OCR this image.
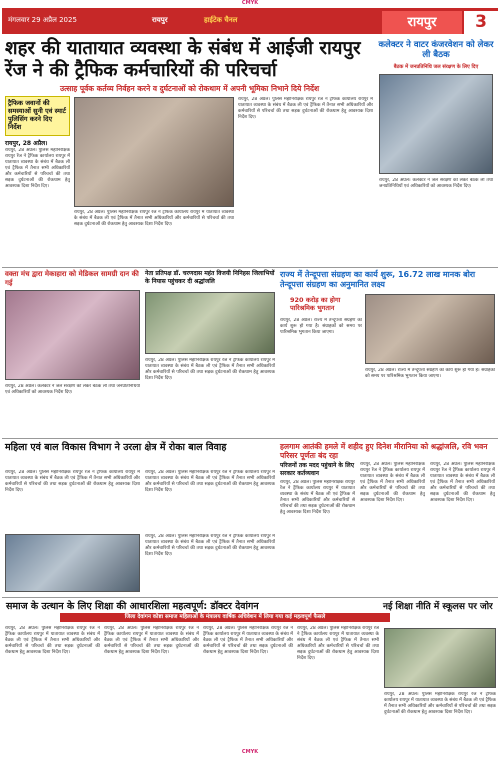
CMYK
मंगलवार 29 अप्रैल 2025	रायपुर	हाईटेक चैनल	रायपुर	3
शहर की यातायात व्यवस्था के संबंध में आईजी रायपुर रेंज ने की ट्रैफिक कर्मचारियों की परिचर्चा
उत्साह पूर्वक कर्तव्य निर्वहन करने व दुर्घटनाओं को रोकथाम में अपनी भूमिका निभाने दिये निर्देश
ट्रैफिक जवानों की समस्याओं सुनी एवं स्मार्ट पुलिसिंग करने दिए निर्देश
रायपुर, 28 अप्रैल।
रायपुर, 28 अप्रैल। पुलिस महानिरीक्षक रायपुर रेंज ने ट्रैफिक कार्यालय रायपुर में यातायात व्यवस्था के संबंध में बैठक ली एवं ट्रैफिक में तैनात सभी अधिकारियों और कर्मचारियों से परिचर्चा की तथा सड़क दुर्घटनाओं की रोकथाम हेतु आवश्यक दिशा निर्देश दिए।
रायपुर, 28 अप्रैल। पुलिस महानिरीक्षक रायपुर रेंज ने ट्रैफिक कार्यालय रायपुर में यातायात व्यवस्था के संबंध में बैठक ली एवं ट्रैफिक में तैनात सभी अधिकारियों और कर्मचारियों से परिचर्चा की तथा सड़क दुर्घटनाओं की रोकथाम हेतु आवश्यक दिशा निर्देश दिए।
रायपुर, 28 अप्रैल। पुलिस महानिरीक्षक रायपुर रेंज ने ट्रैफिक कार्यालय रायपुर में यातायात व्यवस्था के संबंध में बैठक ली एवं ट्रैफिक में तैनात सभी अधिकारियों और कर्मचारियों से परिचर्चा की तथा सड़क दुर्घटनाओं की रोकथाम हेतु आवश्यक दिशा निर्देश दिए।
कलेक्टर ने वाटर कंजरवेशन को लेकर ली बैठक
बैठक में जनप्रतिनिधि जल संरक्षण के लिए दिए
रायपुर, 28 अप्रैल। कलेक्टर ने जल संरक्षण को लेकर बैठक ली तथा जनप्रतिनिधियों एवं अधिकारियों को आवश्यक निर्देश दिए।
वक्ता मंच द्वारा मेकाहारा को मेडिकल सामग्री दान की गई
रायपुर, 28 अप्रैल। कलेक्टर ने जल संरक्षण को लेकर बैठक ली तथा जनप्रतिनिधियों एवं अधिकारियों को आवश्यक निर्देश दिए।
नेता प्रतिपक्ष डॉ. चरणदास महंत विजयी निनिहस जिलाभियों के नियास पहुंचकर दी श्रद्धांजलि
रायपुर, 28 अप्रैल। पुलिस महानिरीक्षक रायपुर रेंज ने ट्रैफिक कार्यालय रायपुर में यातायात व्यवस्था के संबंध में बैठक ली एवं ट्रैफिक में तैनात सभी अधिकारियों और कर्मचारियों से परिचर्चा की तथा सड़क दुर्घटनाओं की रोकथाम हेतु आवश्यक दिशा निर्देश दिए।
राज्य में तेन्दूपत्ता संग्रहण का कार्य शुरू, 16.72 लाख मानक बोरा तेन्दूपत्ता संग्रहण का अनुमानित लक्ष्य
920 करोड़ का होगा पारिश्रमिक भुगतान
रायपुर, 28 अप्रैल। राज्य में तेन्दूपत्ता संग्रहण का कार्य शुरू हो गया है। संग्राहकों को समय पर पारिश्रमिक भुगतान किया जाएगा।
रायपुर, 28 अप्रैल। राज्य में तेन्दूपत्ता संग्रहण का कार्य शुरू हो गया है। संग्राहकों को समय पर पारिश्रमिक भुगतान किया जाएगा।
महिला एवं बाल विकास विभाग ने उरला क्षेत्र में रोका बाल विवाह
रायपुर, 28 अप्रैल। पुलिस महानिरीक्षक रायपुर रेंज ने ट्रैफिक कार्यालय रायपुर में यातायात व्यवस्था के संबंध में बैठक ली एवं ट्रैफिक में तैनात सभी अधिकारियों और कर्मचारियों से परिचर्चा की तथा सड़क दुर्घटनाओं की रोकथाम हेतु आवश्यक दिशा निर्देश दिए।
रायपुर, 28 अप्रैल। पुलिस महानिरीक्षक रायपुर रेंज ने ट्रैफिक कार्यालय रायपुर में यातायात व्यवस्था के संबंध में बैठक ली एवं ट्रैफिक में तैनात सभी अधिकारियों और कर्मचारियों से परिचर्चा की तथा सड़क दुर्घटनाओं की रोकथाम हेतु आवश्यक दिशा निर्देश दिए।
रायपुर, 28 अप्रैल। पुलिस महानिरीक्षक रायपुर रेंज ने ट्रैफिक कार्यालय रायपुर में यातायात व्यवस्था के संबंध में बैठक ली एवं ट्रैफिक में तैनात सभी अधिकारियों और कर्मचारियों से परिचर्चा की तथा सड़क दुर्घटनाओं की रोकथाम हेतु आवश्यक दिशा निर्देश दिए।
हलगाम आतंकी हमले में शहीद हुए दिनेश मीरानिया को श्रद्धांजलि, रवि भवन परिसर पूर्णतः बंद रहा
परिजनों तक मदद पहुंचाने के लिए सरकार कर्तव्यवान
रायपुर, 28 अप्रैल। पुलिस महानिरीक्षक रायपुर रेंज ने ट्रैफिक कार्यालय रायपुर में यातायात व्यवस्था के संबंध में बैठक ली एवं ट्रैफिक में तैनात सभी अधिकारियों और कर्मचारियों से परिचर्चा की तथा सड़क दुर्घटनाओं की रोकथाम हेतु आवश्यक दिशा निर्देश दिए।
रायपुर, 28 अप्रैल। पुलिस महानिरीक्षक रायपुर रेंज ने ट्रैफिक कार्यालय रायपुर में यातायात व्यवस्था के संबंध में बैठक ली एवं ट्रैफिक में तैनात सभी अधिकारियों और कर्मचारियों से परिचर्चा की तथा सड़क दुर्घटनाओं की रोकथाम हेतु आवश्यक दिशा निर्देश दिए।
रायपुर, 28 अप्रैल। पुलिस महानिरीक्षक रायपुर रेंज ने ट्रैफिक कार्यालय रायपुर में यातायात व्यवस्था के संबंध में बैठक ली एवं ट्रैफिक में तैनात सभी अधिकारियों और कर्मचारियों से परिचर्चा की तथा सड़क दुर्घटनाओं की रोकथाम हेतु आवश्यक दिशा निर्देश दिए।
समाज के उत्थान के लिए शिक्षा की आधारशिला महत्वपूर्ण: डॉक्टर देवांगन
जिला देवांगन कोष्टा समाज महिलाओं के मंत्रालय वार्षिक अधिवेशन में लिया गया कई महत्वपूर्ण फैसले
रायपुर, 28 अप्रैल। पुलिस महानिरीक्षक रायपुर रेंज ने ट्रैफिक कार्यालय रायपुर में यातायात व्यवस्था के संबंध में बैठक ली एवं ट्रैफिक में तैनात सभी अधिकारियों और कर्मचारियों से परिचर्चा की तथा सड़क दुर्घटनाओं की रोकथाम हेतु आवश्यक दिशा निर्देश दिए।
रायपुर, 28 अप्रैल। पुलिस महानिरीक्षक रायपुर रेंज ने ट्रैफिक कार्यालय रायपुर में यातायात व्यवस्था के संबंध में बैठक ली एवं ट्रैफिक में तैनात सभी अधिकारियों और कर्मचारियों से परिचर्चा की तथा सड़क दुर्घटनाओं की रोकथाम हेतु आवश्यक दिशा निर्देश दिए।
रायपुर, 28 अप्रैल। पुलिस महानिरीक्षक रायपुर रेंज ने ट्रैफिक कार्यालय रायपुर में यातायात व्यवस्था के संबंध में बैठक ली एवं ट्रैफिक में तैनात सभी अधिकारियों और कर्मचारियों से परिचर्चा की तथा सड़क दुर्घटनाओं की रोकथाम हेतु आवश्यक दिशा निर्देश दिए।
रायपुर, 28 अप्रैल। पुलिस महानिरीक्षक रायपुर रेंज ने ट्रैफिक कार्यालय रायपुर में यातायात व्यवस्था के संबंध में बैठक ली एवं ट्रैफिक में तैनात सभी अधिकारियों और कर्मचारियों से परिचर्चा की तथा सड़क दुर्घटनाओं की रोकथाम हेतु आवश्यक दिशा निर्देश दिए।
नई शिक्षा नीति में स्कूलस पर जोर
रायपुर, 28 अप्रैल। पुलिस महानिरीक्षक रायपुर रेंज ने ट्रैफिक कार्यालय रायपुर में यातायात व्यवस्था के संबंध में बैठक ली एवं ट्रैफिक में तैनात सभी अधिकारियों और कर्मचारियों से परिचर्चा की तथा सड़क दुर्घटनाओं की रोकथाम हेतु आवश्यक दिशा निर्देश दिए।
CMYK
